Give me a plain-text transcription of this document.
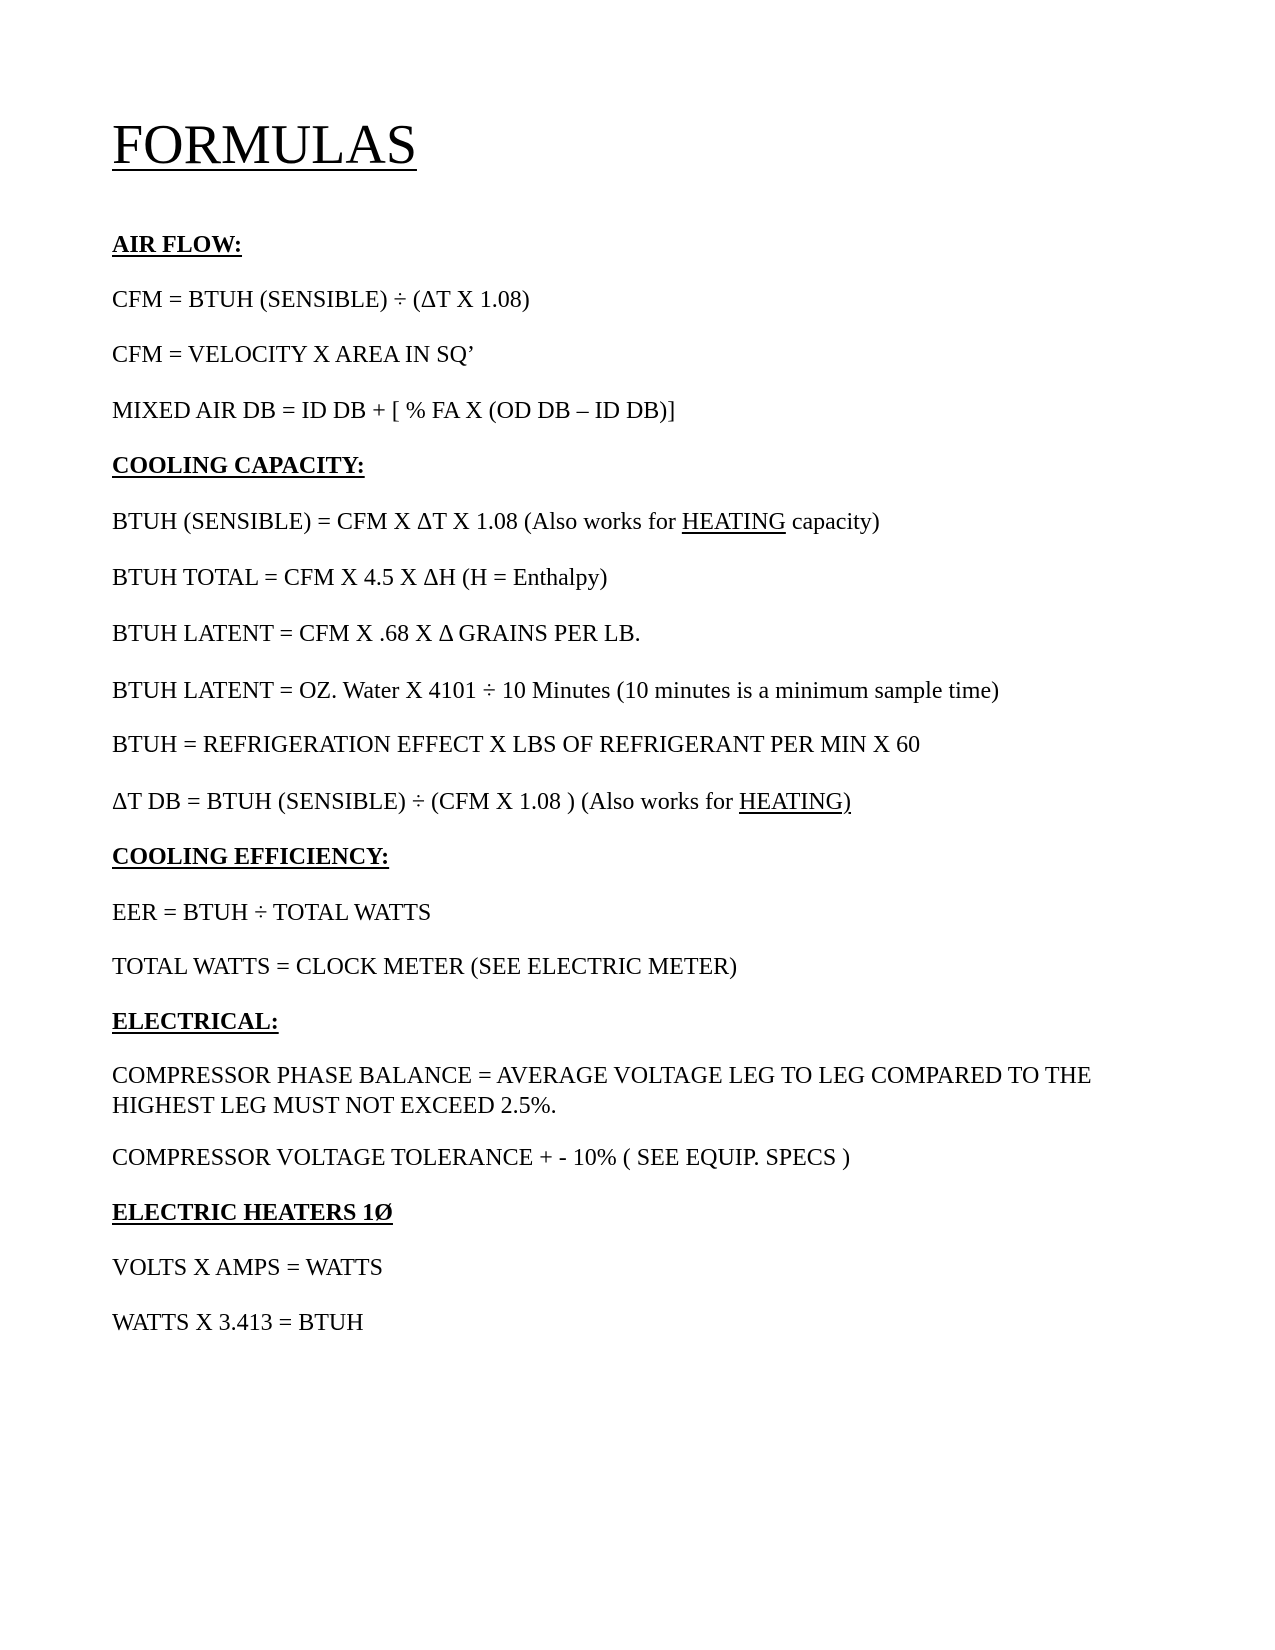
FORMULAS

AIR FLOW:

CFM = BTUH (SENSIBLE) ÷ (ΔT X 1.08)

CFM = VELOCITY X AREA IN SQ’

MIXED AIR DB = ID DB + [ % FA X (OD DB – ID DB)]

COOLING CAPACITY:

BTUH (SENSIBLE) = CFM X ΔT X 1.08 (Also works for HEATING capacity)

BTUH TOTAL = CFM X 4.5 X ΔH (H = Enthalpy)

BTUH LATENT = CFM X .68 X Δ GRAINS PER LB.

BTUH LATENT = OZ. Water X 4101 ÷ 10 Minutes (10 minutes is a minimum sample time)

BTUH = REFRIGERATION EFFECT X LBS OF REFRIGERANT PER MIN X 60

ΔT DB = BTUH (SENSIBLE) ÷ (CFM X 1.08 ) (Also works for HEATING)

COOLING EFFICIENCY:

EER = BTUH ÷ TOTAL WATTS

TOTAL WATTS = CLOCK METER (SEE ELECTRIC METER)

ELECTRICAL:

COMPRESSOR PHASE BALANCE = AVERAGE VOLTAGE LEG TO LEG COMPARED TO THE HIGHEST LEG MUST NOT EXCEED 2.5%.

COMPRESSOR VOLTAGE TOLERANCE + - 10% ( SEE EQUIP. SPECS )

ELECTRIC HEATERS 1Ø

VOLTS X AMPS = WATTS

WATTS X 3.413 = BTUH
